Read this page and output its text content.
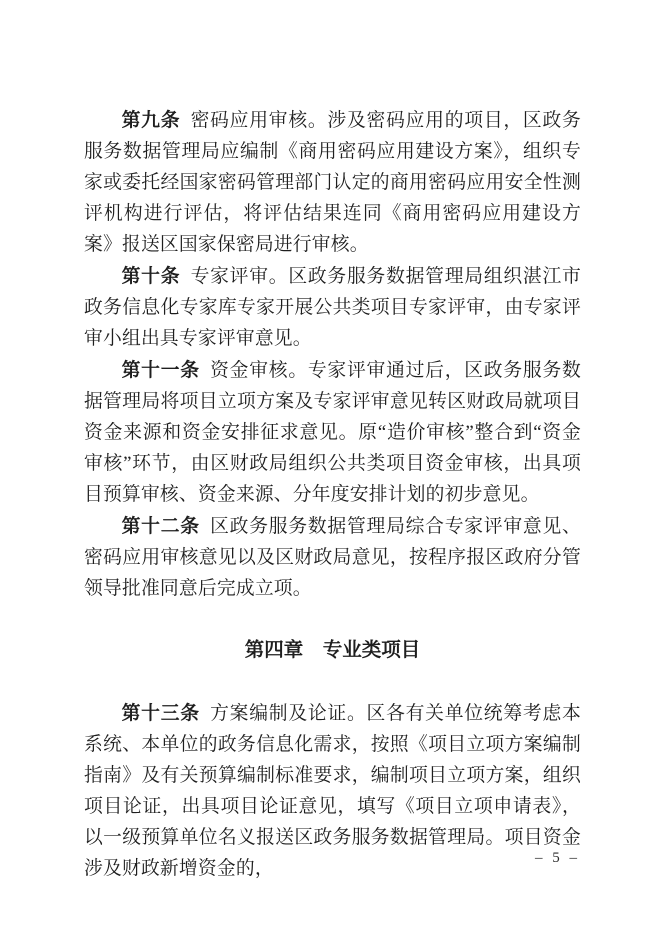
第九条 密码应用审核。涉及密码应用的项目，区政务服务数据管理局应编制《商用密码应用建设方案》，组织专家或委托经国家密码管理部门认定的商用密码应用安全性测评机构进行评估，将评估结果连同《商用密码应用建设方案》报送区国家保密局进行审核。

第十条 专家评审。区政务服务数据管理局组织湛江市政务信息化专家库专家开展公共类项目专家评审，由专家评审小组出具专家评审意见。

第十一条 资金审核。专家评审通过后，区政务服务数据管理局将项目立项方案及专家评审意见转区财政局就项目资金来源和资金安排征求意见。原“造价审核”整合到“资金审核”环节，由区财政局组织公共类项目资金审核，出具项目预算审核、资金来源、分年度安排计划的初步意见。

第十二条 区政务服务数据管理局综合专家评审意见、密码应用审核意见以及区财政局意见，按程序报区政府分管领导批准同意后完成立项。

第四章　专业类项目

第十三条 方案编制及论证。区各有关单位统筹考虑本系统、本单位的政务信息化需求，按照《项目立项方案编制指南》及有关预算编制标准要求，编制项目立项方案，组织项目论证，出具项目论证意见，填写《项目立项申请表》，以一级预算单位名义报送区政务服务数据管理局。项目资金涉及财政新增资金的，	– 5 –
